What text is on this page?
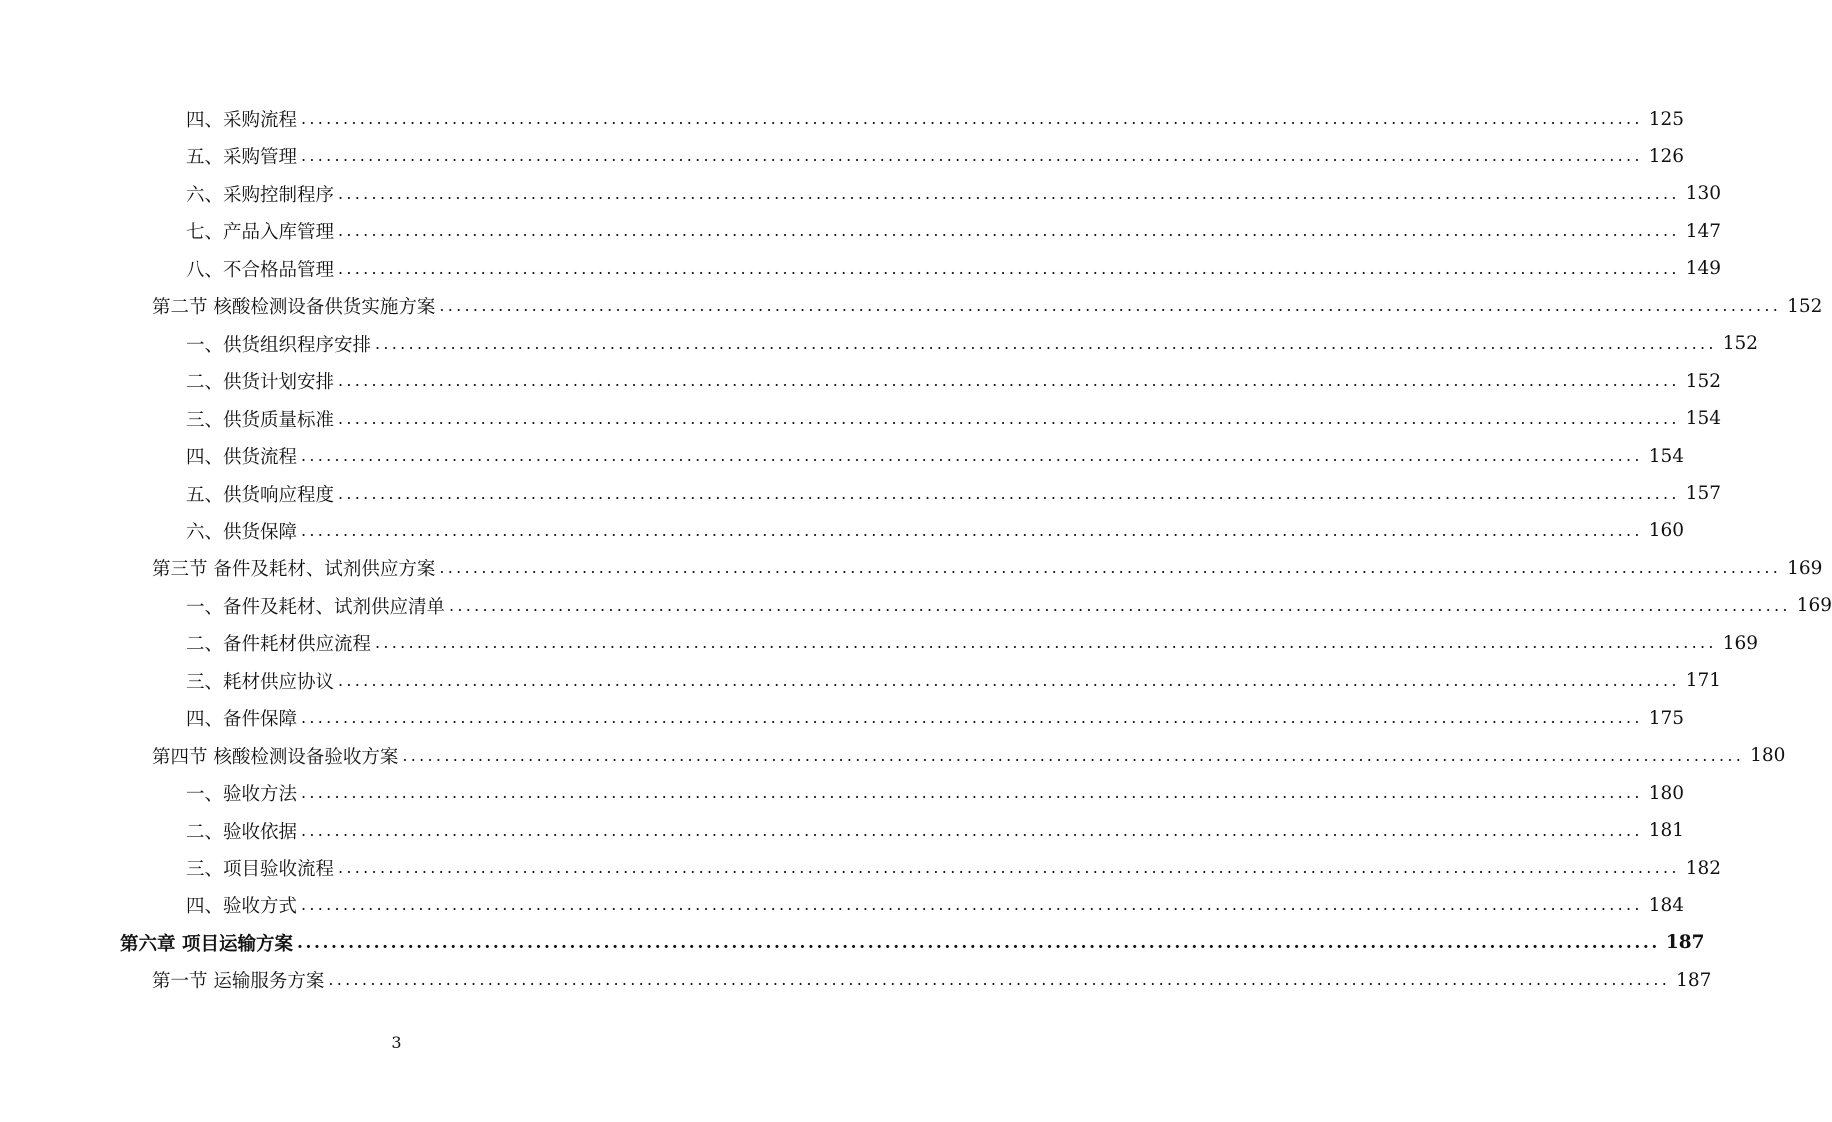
四、采购流程 ................................................................................................................................................................ 125
五、采购管理 ................................................................................................................................................................ 126
六、采购控制程序 ................................................................................................................................................................ 130
七、产品入库管理 ................................................................................................................................................................ 147
八、不合格品管理 ................................................................................................................................................................ 149
第二节 核酸检测设备供货实施方案 ................................................................................................................................................................ 152
一、供货组织程序安排 ................................................................................................................................................................ 152
二、供货计划安排 ................................................................................................................................................................ 152
三、供货质量标准 ................................................................................................................................................................ 154
四、供货流程 ................................................................................................................................................................ 154
五、供货响应程度 ................................................................................................................................................................ 157
六、供货保障 ................................................................................................................................................................ 160
第三节 备件及耗材、试剂供应方案 ................................................................................................................................................................ 169
一、备件及耗材、试剂供应清单 ................................................................................................................................................................ 169
二、备件耗材供应流程 ................................................................................................................................................................ 169
三、耗材供应协议 ................................................................................................................................................................ 171
四、备件保障 ................................................................................................................................................................ 175
第四节 核酸检测设备验收方案 ................................................................................................................................................................ 180
一、验收方法 ................................................................................................................................................................ 180
二、验收依据 ................................................................................................................................................................ 181
三、项目验收流程 ................................................................................................................................................................ 182
四、验收方式 ................................................................................................................................................................ 184
第六章 项目运输方案 ................................................................................................................................................................ 187
第一节 运输服务方案 ................................................................................................................................................................ 187
3
